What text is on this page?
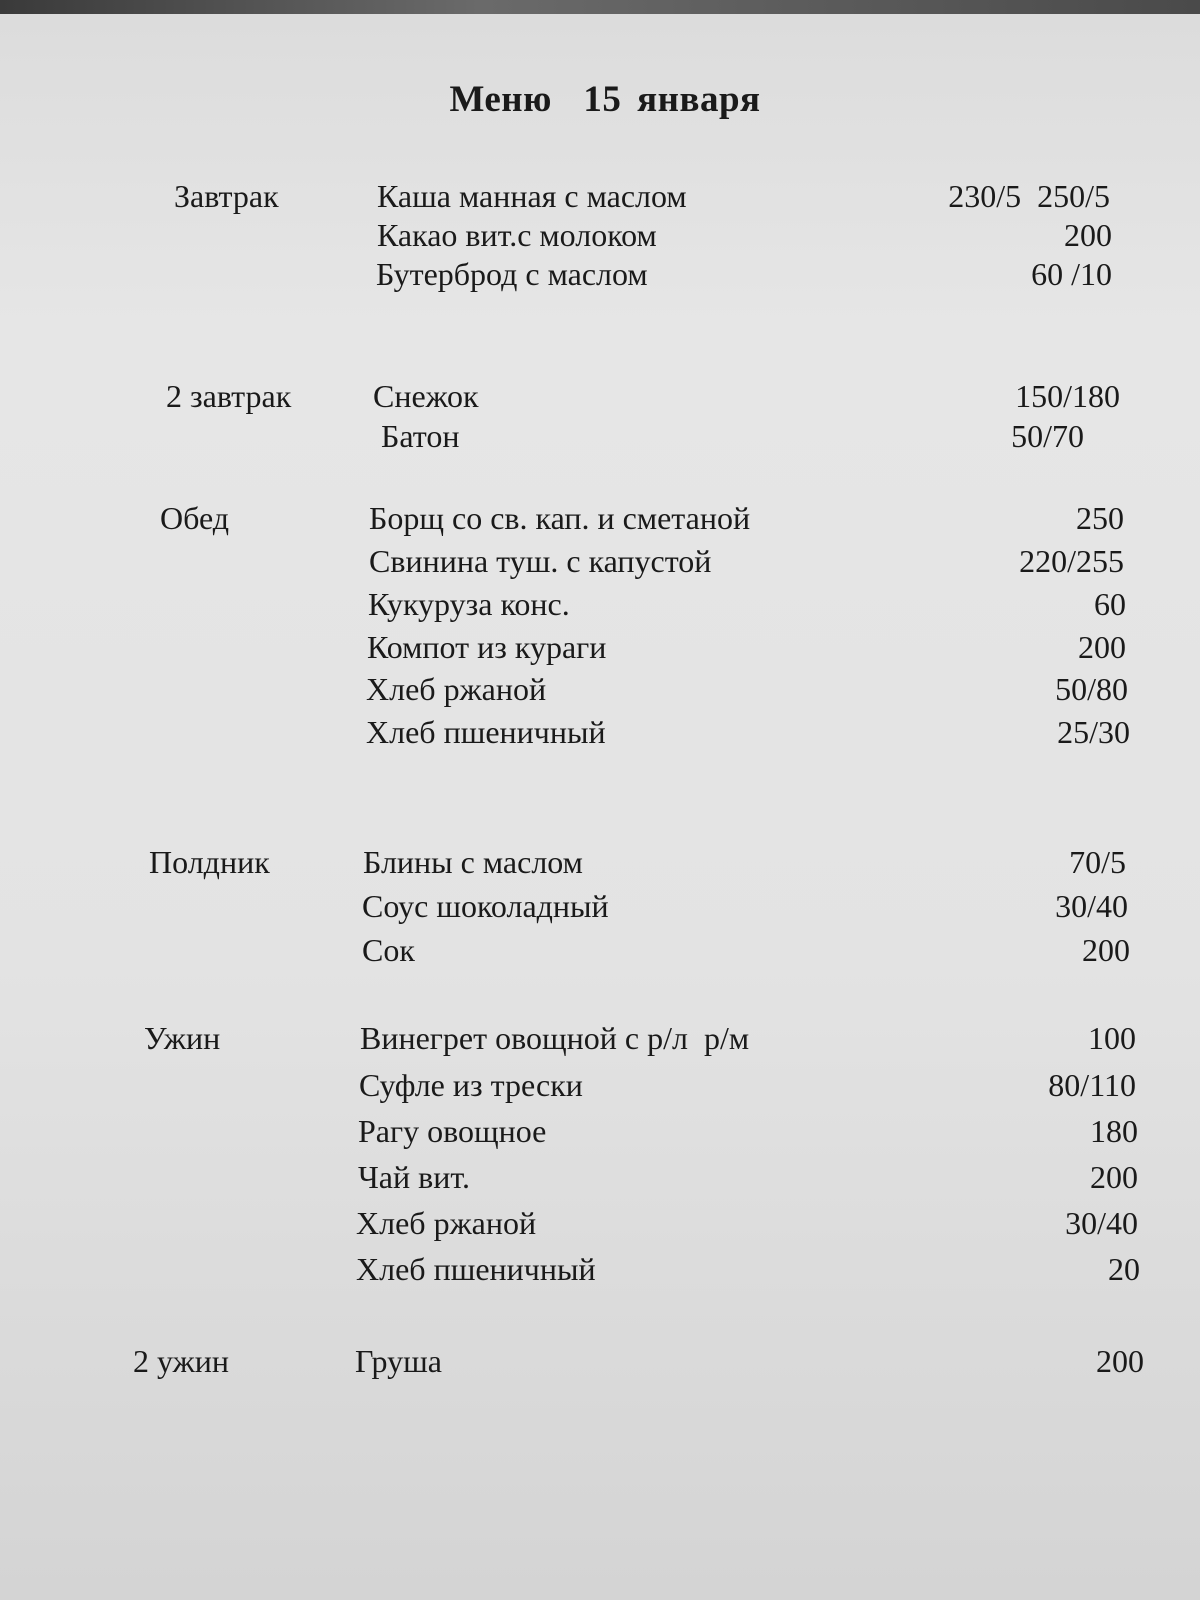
Меню  15 января
Завтрак	Каша манная с маслом	230/5  250/5
Какао вит.с молоком	200
Бутерброд с маслом	60 /10
2 завтрак	Снежок	150/180
Батон	50/70
Обед	Борщ со св. кап. и сметаной	250
Свинина туш. с капустой	220/255
Кукуруза конс.	60
Компот из кураги	200
Хлеб ржаной	50/80
Хлеб пшеничный	25/30
Полдник	Блины с маслом	70/5
Соус шоколадный	30/40
Сок	200
Ужин	Винегрет овощной с р/л  р/м	100
Суфле из трески	80/110
Рагу овощное	180
Чай вит.	200
Хлеб ржаной	30/40
Хлеб пшеничный	20
2 ужин	Груша	200
